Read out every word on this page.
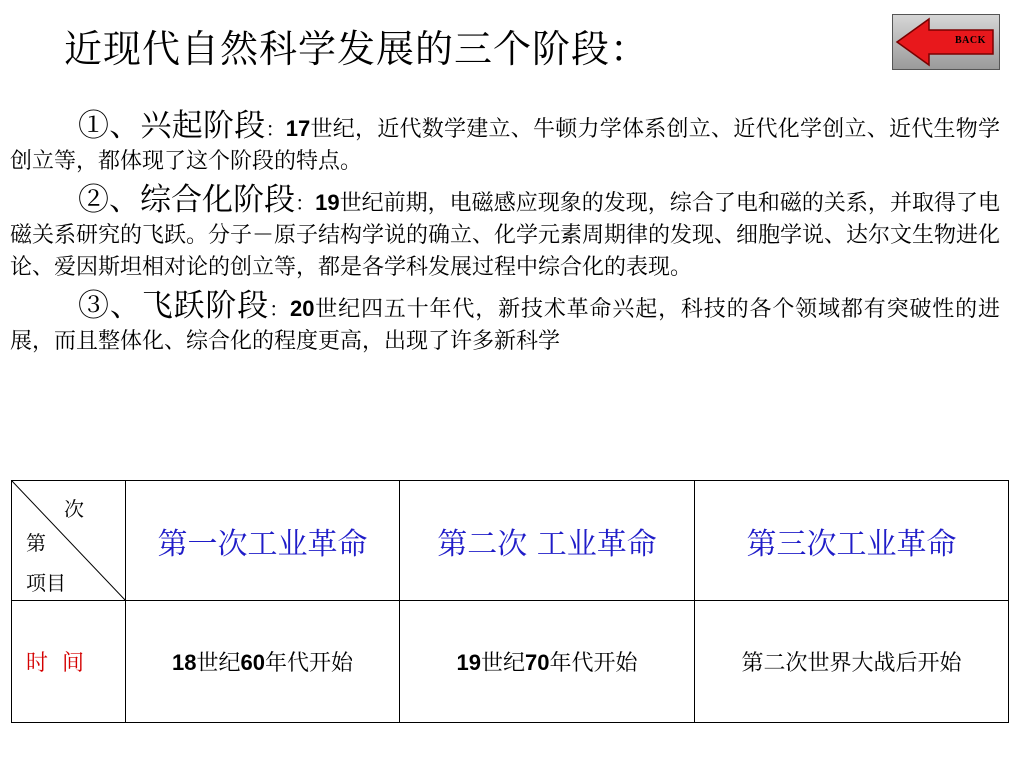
近现代自然科学发展的三个阶段：	BACK

①、兴起阶段：17世纪，近代数学建立、牛顿力学体系创立、近代化学创立、近代生物学创立等，都体现了这个阶段的特点。

②、综合化阶段：19世纪前期，电磁感应现象的发现，综合了电和磁的关系，并取得了电磁关系研究的飞跃。分子－原子结构学说的确立、化学元素周期律的发现、细胞学说、达尔文生物进化论、爱因斯坦相对论的创立等，都是各学科发展过程中综合化的表现。

③、飞跃阶段：20世纪四五十年代，新技术革命兴起，科技的各个领域都有突破性的进展，而且整体化、综合化的程度更高，出现了许多新科学

次
第
项目	第一次工业革命	第二次 工业革命	第三次工业革命
时间	18世纪60年代开始	19世纪70年代开始	第二次世界大战后开始
